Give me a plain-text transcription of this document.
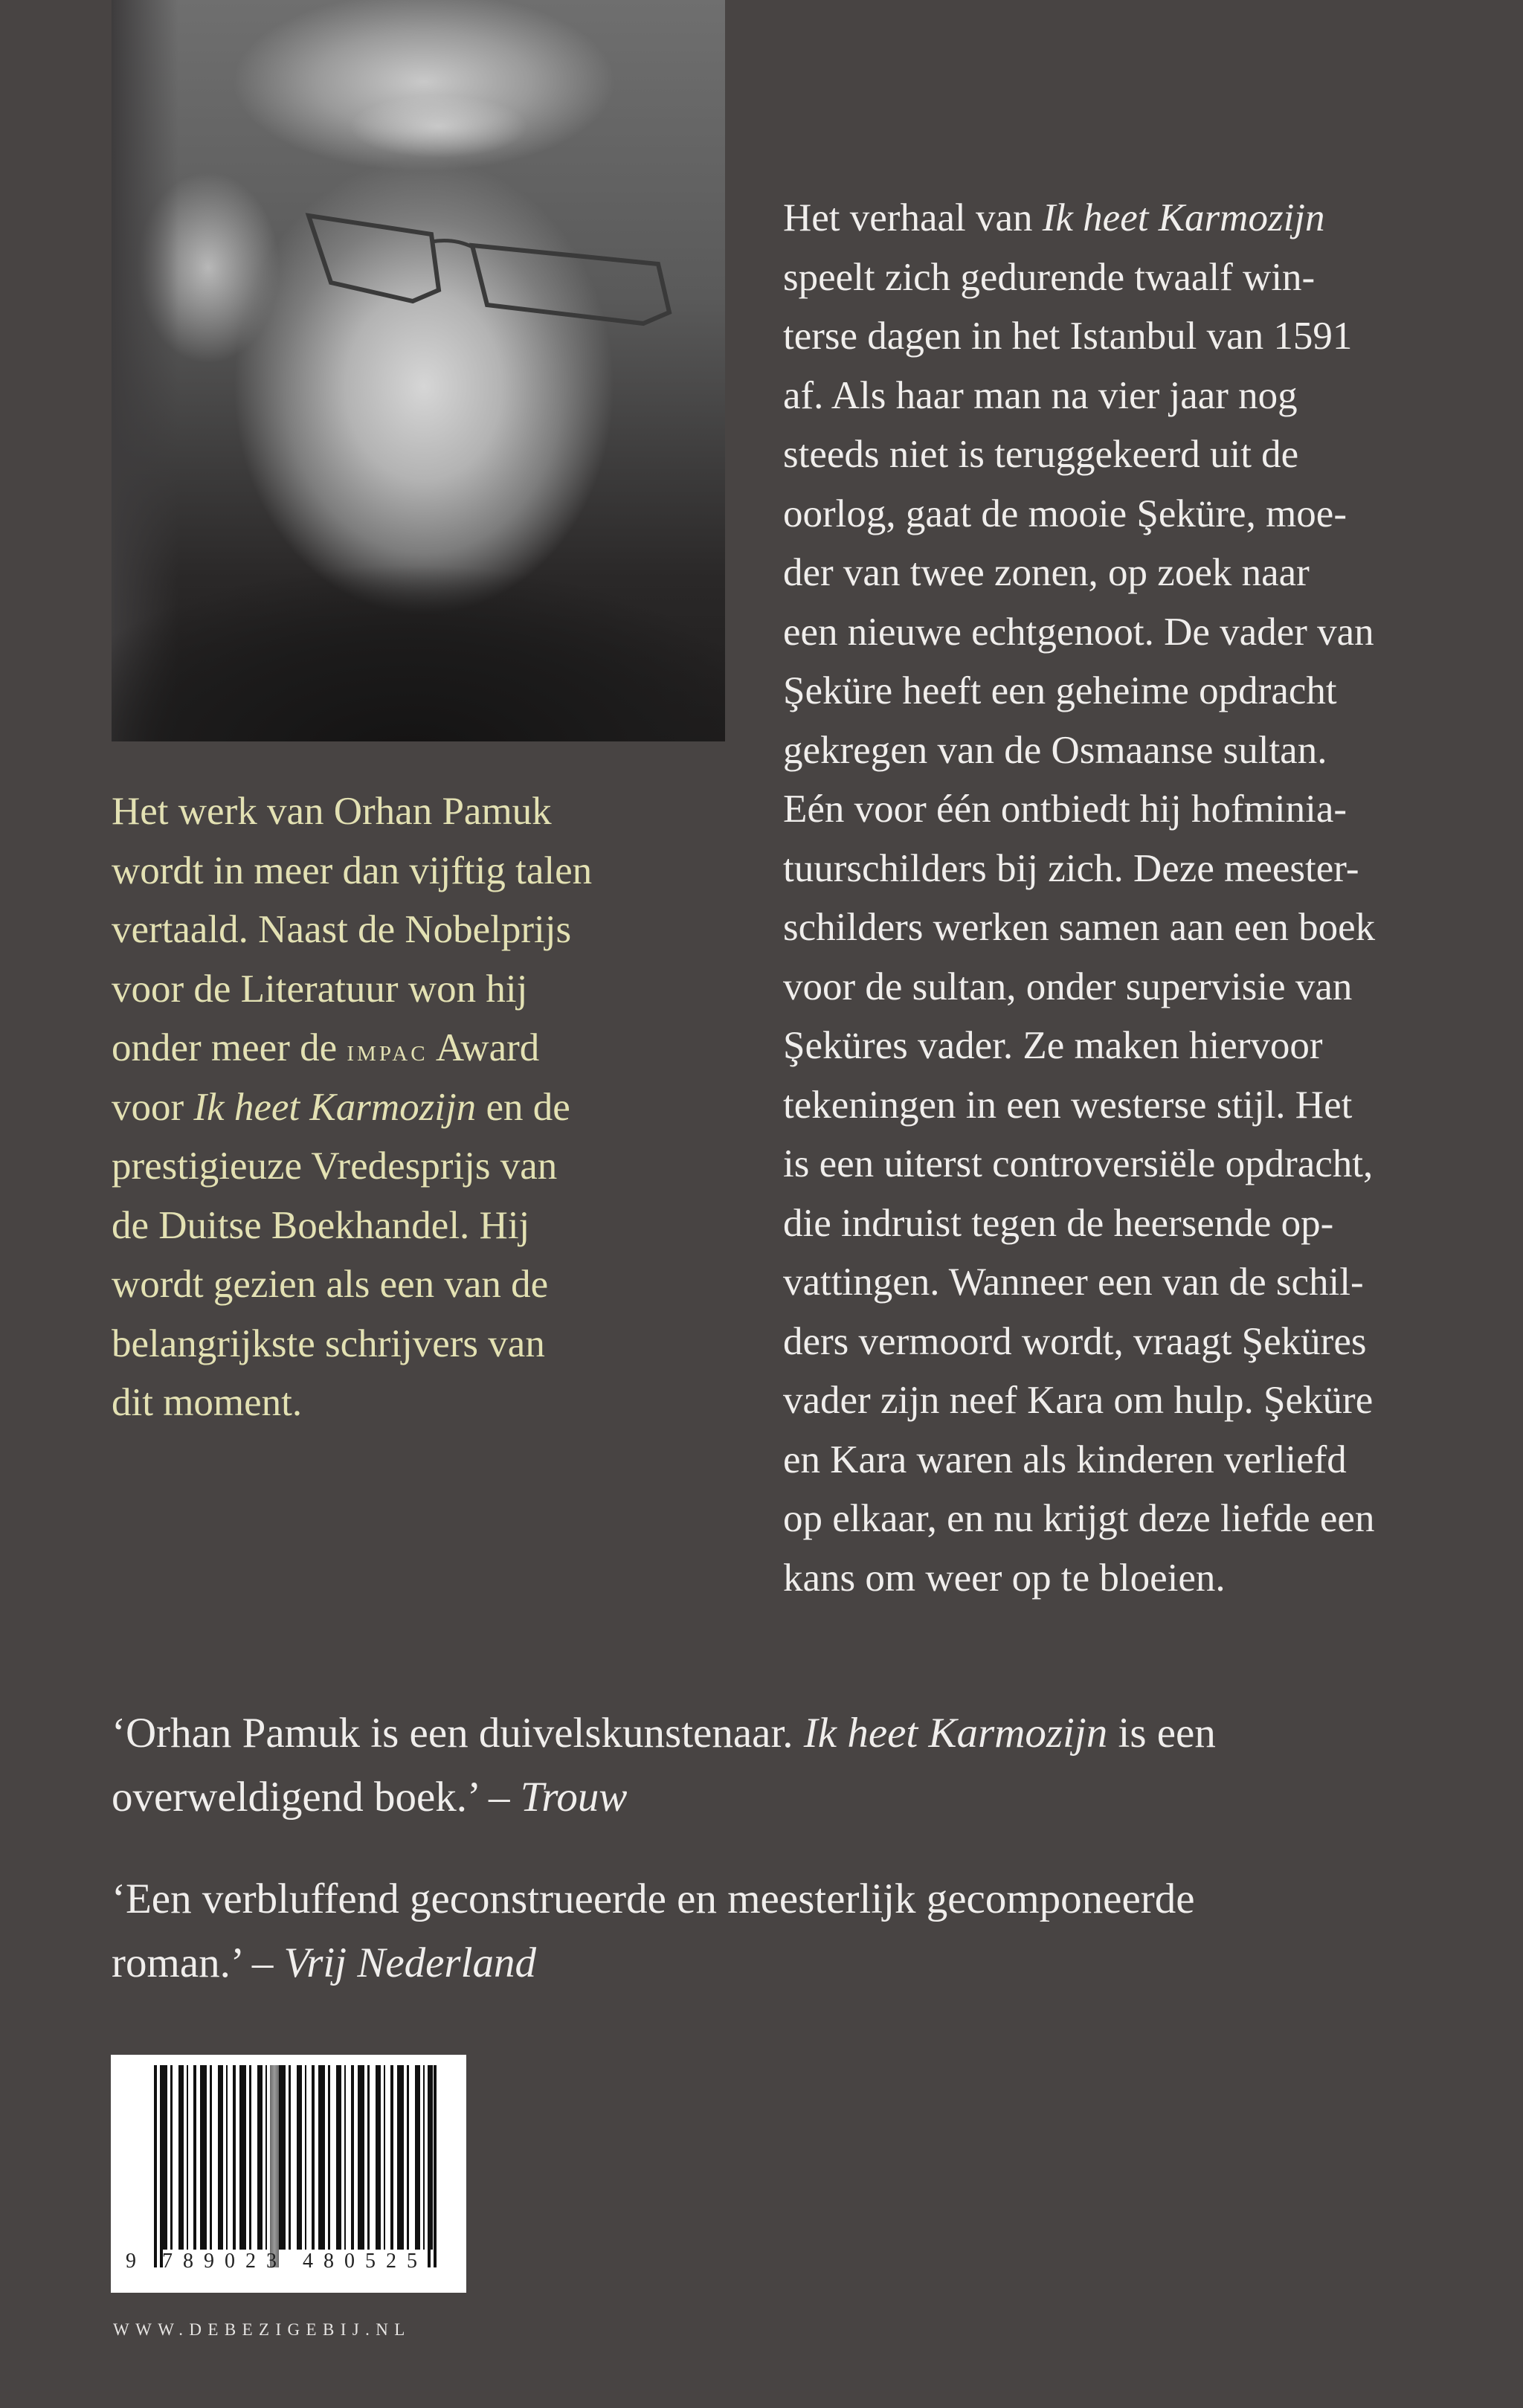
Het werk van Orhan Pamuk
wordt in meer dan vijftig talen
vertaald. Naast de Nobelprijs
voor de Literatuur won hij
onder meer de impac Award
voor Ik heet Karmozijn en de
prestigieuze Vredesprijs van
de Duitse Boekhandel. Hij
wordt gezien als een van de
belangrijkste schrijvers van
dit moment.
Het verhaal van Ik heet Karmozijn
speelt zich gedurende twaalf win-
terse dagen in het Istanbul van 1591
af. Als haar man na vier jaar nog
steeds niet is teruggekeerd uit de
oorlog, gaat de mooie Şeküre, moe-
der van twee zonen, op zoek naar
een nieuwe echtgenoot. De vader van
Şeküre heeft een geheime opdracht
gekregen van de Osmaanse sultan.
Eén voor één ontbiedt hij hofminia-
tuurschilders bij zich. Deze meester-
schilders werken samen aan een boek
voor de sultan, onder supervisie van
Şeküres vader. Ze maken hiervoor
tekeningen in een westerse stijl. Het
is een uiterst controversiële opdracht,
die indruist tegen de heersende op-
vattingen. Wanneer een van de schil-
ders vermoord wordt, vraagt Şeküres
vader zijn neef Kara om hulp. Şeküre
en Kara waren als kinderen verliefd
op elkaar, en nu krijgt deze liefde een
kans om weer op te bloeien.
‘Orhan Pamuk is een duivelskunstenaar. Ik heet Karmozijn is een
overweldigend boek.’ – Trouw
‘Een verbluffend geconstrueerde en meesterlijk gecomponeerde
roman.’ – Vrij Nederland
9 789023 480525
WWW.DEBEZIGEBIJ.NL
